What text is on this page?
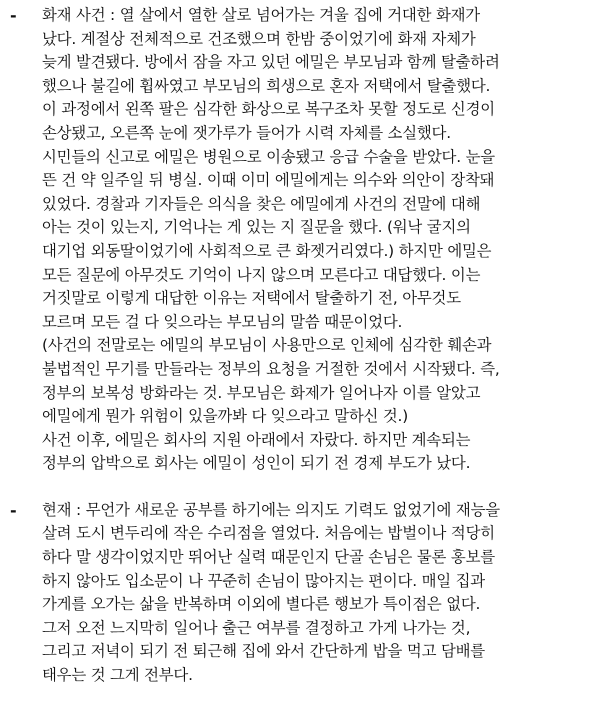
- 화재 사건 : 열 살에서 열한 살로 넘어가는 겨울 집에 거대한 화재가
났다. 계절상 전체적으로 건조했으며 한밤 중이었기에 화재 자체가
늦게 발견됐다. 방에서 잠을 자고 있던 에밀은 부모님과 함께 탈출하려
했으나 불길에 휩싸였고 부모님의 희생으로 혼자 저택에서 탈출했다.
이 과정에서 왼쪽 팔은 심각한 화상으로 복구조차 못할 정도로 신경이
손상됐고, 오른쪽 눈에 잿가루가 들어가 시력 자체를 소실했다.
시민들의 신고로 에밀은 병원으로 이송됐고 응급 수술을 받았다. 눈을
뜬 건 약 일주일 뒤 병실. 이때 이미 에밀에게는 의수와 의안이 장착돼
있었다. 경찰과 기자들은 의식을 찾은 에밀에게 사건의 전말에 대해
아는 것이 있는지, 기억나는 게 있는 지 질문을 했다. (워낙 굴지의
대기업 외동딸이었기에 사회적으로 큰 화젯거리였다.) 하지만 에밀은
모든 질문에 아무것도 기억이 나지 않으며 모른다고 대답했다. 이는
거짓말로 이렇게 대답한 이유는 저택에서 탈출하기 전, 아무것도
모르며 모든 걸 다 잊으라는 부모님의 말씀 때문이었다.
(사건의 전말로는 에밀의 부모님이 사용만으로 인체에 심각한 훼손과
불법적인 무기를 만들라는 정부의 요청을 거절한 것에서 시작됐다. 즉,
정부의 보복성 방화라는 것. 부모님은 화제가 일어나자 이를 알았고
에밀에게 뭔가 위험이 있을까봐 다 잊으라고 말하신 것.)
사건 이후, 에밀은 회사의 지원 아래에서 자랐다. 하지만 계속되는
정부의 압박으로 회사는 에밀이 성인이 되기 전 경제 부도가 났다.
- 현재 : 무언가 새로운 공부를 하기에는 의지도 기력도 없었기에 재능을
살려 도시 변두리에 작은 수리점을 열었다. 처음에는 밥벌이나 적당히
하다 말 생각이었지만 뛰어난 실력 때문인지 단골 손님은 물론 홍보를
하지 않아도 입소문이 나 꾸준히 손님이 많아지는 편이다. 매일 집과
가게를 오가는 삶을 반복하며 이외에 별다른 행보가 특이점은 없다.
그저 오전 느지막히 일어나 출근 여부를 결정하고 가게 나가는 것,
그리고 저녁이 되기 전 퇴근해 집에 와서 간단하게 밥을 먹고 담배를
태우는 것 그게 전부다.
